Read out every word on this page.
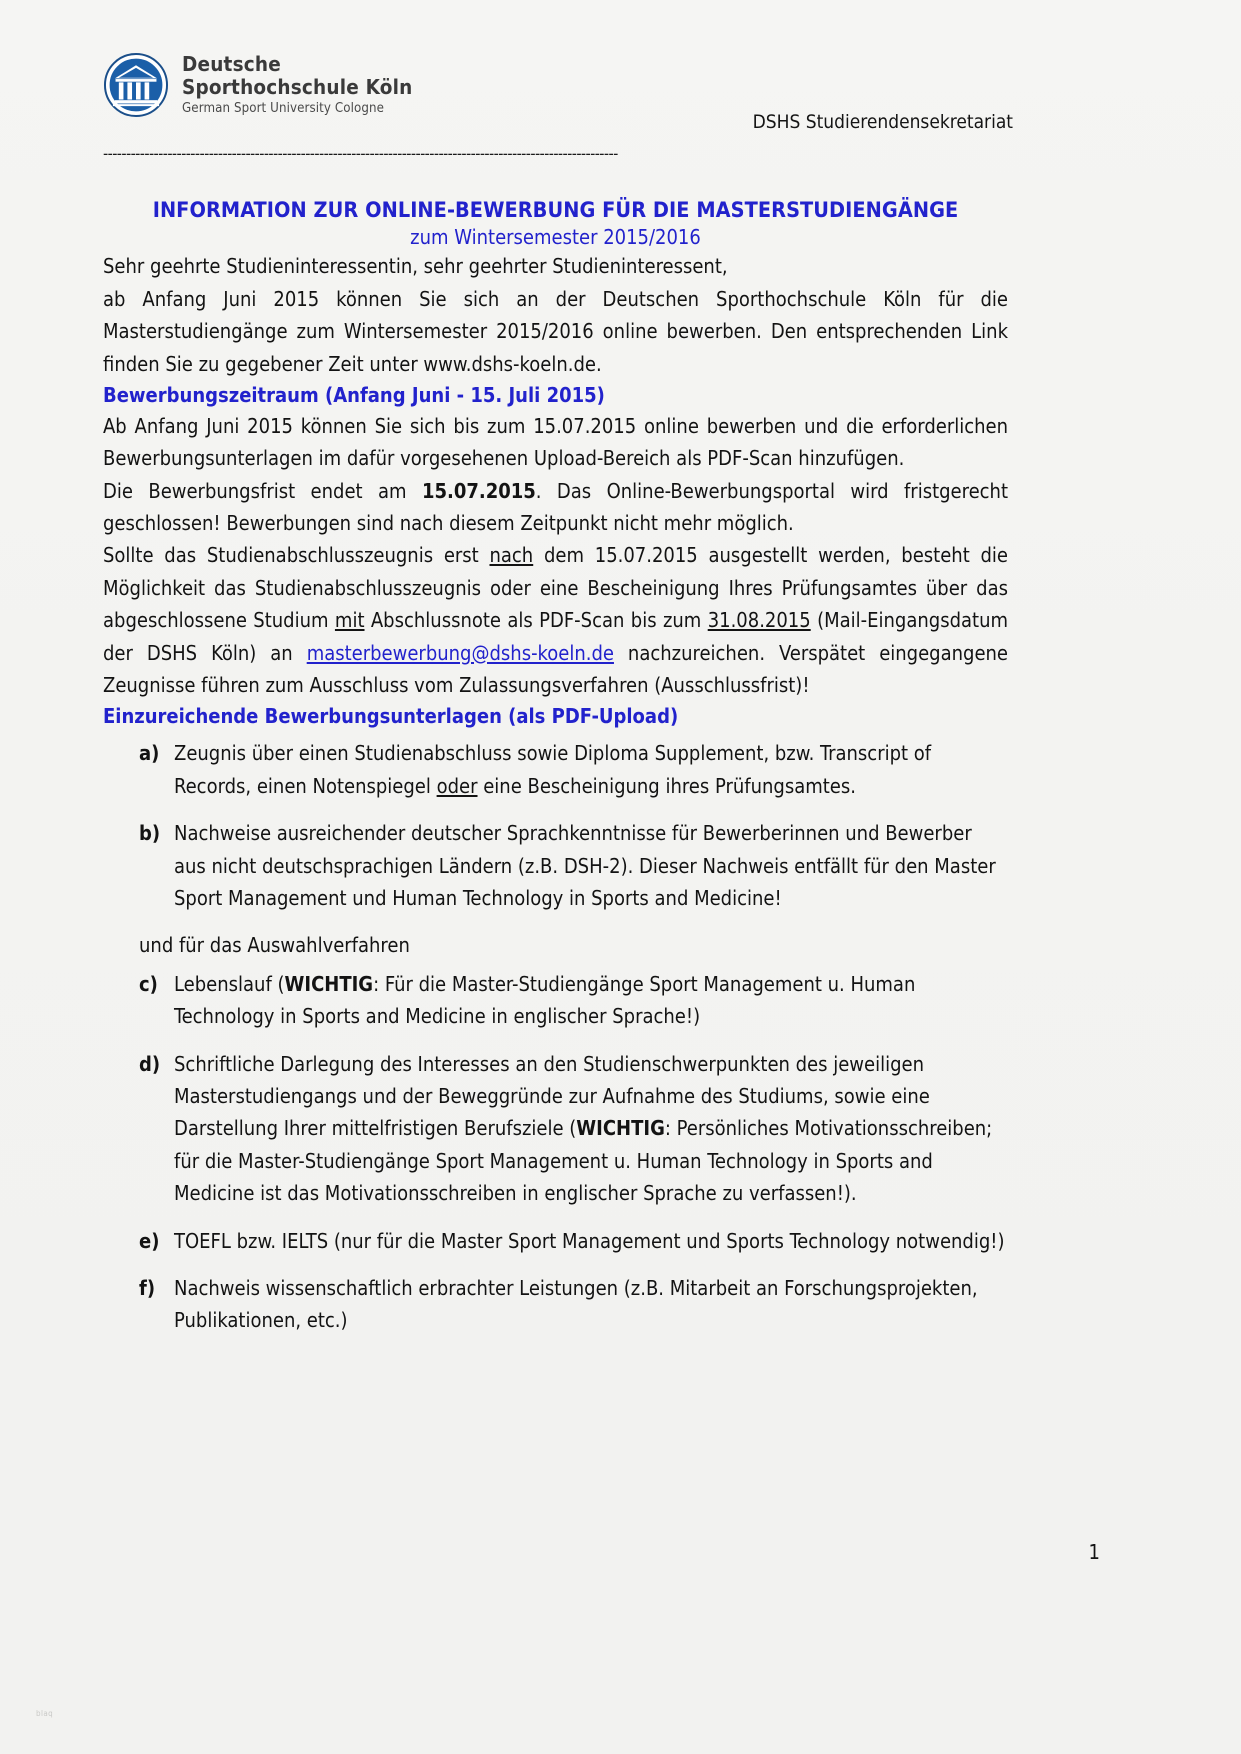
Deutsche
Sporthochschule Köln
German Sport University Cologne
DSHS Studierendensekretariat
----------------------------------------------------------------------------------------------------------------
INFORMATION ZUR ONLINE-BEWERBUNG FÜR DIE MASTERSTUDIENGÄNGE
zum Wintersemester 2015/2016

Sehr geehrte Studieninteressentin, sehr geehrter Studieninteressent,

ab Anfang Juni 2015 können Sie sich an der Deutschen Sporthochschule Köln für die Masterstudiengänge zum Wintersemester 2015/2016 online bewerben. Den entsprechenden Link finden Sie zu gegebener Zeit unter www.dshs-koeln.de.

Bewerbungszeitraum (Anfang Juni - 15. Juli 2015)

Ab Anfang Juni 2015 können Sie sich bis zum 15.07.2015 online bewerben und die erforderlichen Bewerbungsunterlagen im dafür vorgesehenen Upload-Bereich als PDF-Scan hinzufügen.

Die Bewerbungsfrist endet am 15.07.2015. Das Online-Bewerbungsportal wird fristgerecht geschlossen! Bewerbungen sind nach diesem Zeitpunkt nicht mehr möglich.

Sollte das Studienabschlusszeugnis erst nach dem 15.07.2015 ausgestellt werden, besteht die Möglichkeit das Studienabschlusszeugnis oder eine Bescheinigung Ihres Prüfungsamtes über das abgeschlossene Studium mit Abschlussnote als PDF-Scan bis zum 31.08.2015 (Mail-Eingangsdatum der DSHS Köln) an masterbewerbung@dshs-koeln.de nachzureichen. Verspätet eingegangene Zeugnisse führen zum Ausschluss vom Zulassungsverfahren (Ausschlussfrist)!

Einzureichende Bewerbungsunterlagen (als PDF-Upload)
a) Zeugnis über einen Studienabschluss sowie Diploma Supplement, bzw. Transcript of Records, einen Notenspiegel oder eine Bescheinigung ihres Prüfungsamtes.
b) Nachweise ausreichender deutscher Sprachkenntnisse für Bewerberinnen und Bewerber aus nicht deutschsprachigen Ländern (z.B. DSH-2). Dieser Nachweis entfällt für den Master Sport Management und Human Technology in Sports and Medicine!
und für das Auswahlverfahren
c) Lebenslauf (WICHTIG: Für die Master-Studiengänge Sport Management u. Human Technology in Sports and Medicine in englischer Sprache!)
d) Schriftliche Darlegung des Interesses an den Studienschwerpunkten des jeweiligen Masterstudiengangs und der Beweggründe zur Aufnahme des Studiums, sowie eine Darstellung Ihrer mittelfristigen Berufsziele (WICHTIG: Persönliches Motivationsschreiben; für die Master-Studiengänge Sport Management u. Human Technology in Sports and Medicine ist das Motivationsschreiben in englischer Sprache zu verfassen!).
e) TOEFL bzw. IELTS (nur für die Master Sport Management und Sports Technology notwendig!)
f) Nachweis wissenschaftlich erbrachter Leistungen (z.B. Mitarbeit an Forschungsprojekten, Publikationen, etc.)
1
blaq
